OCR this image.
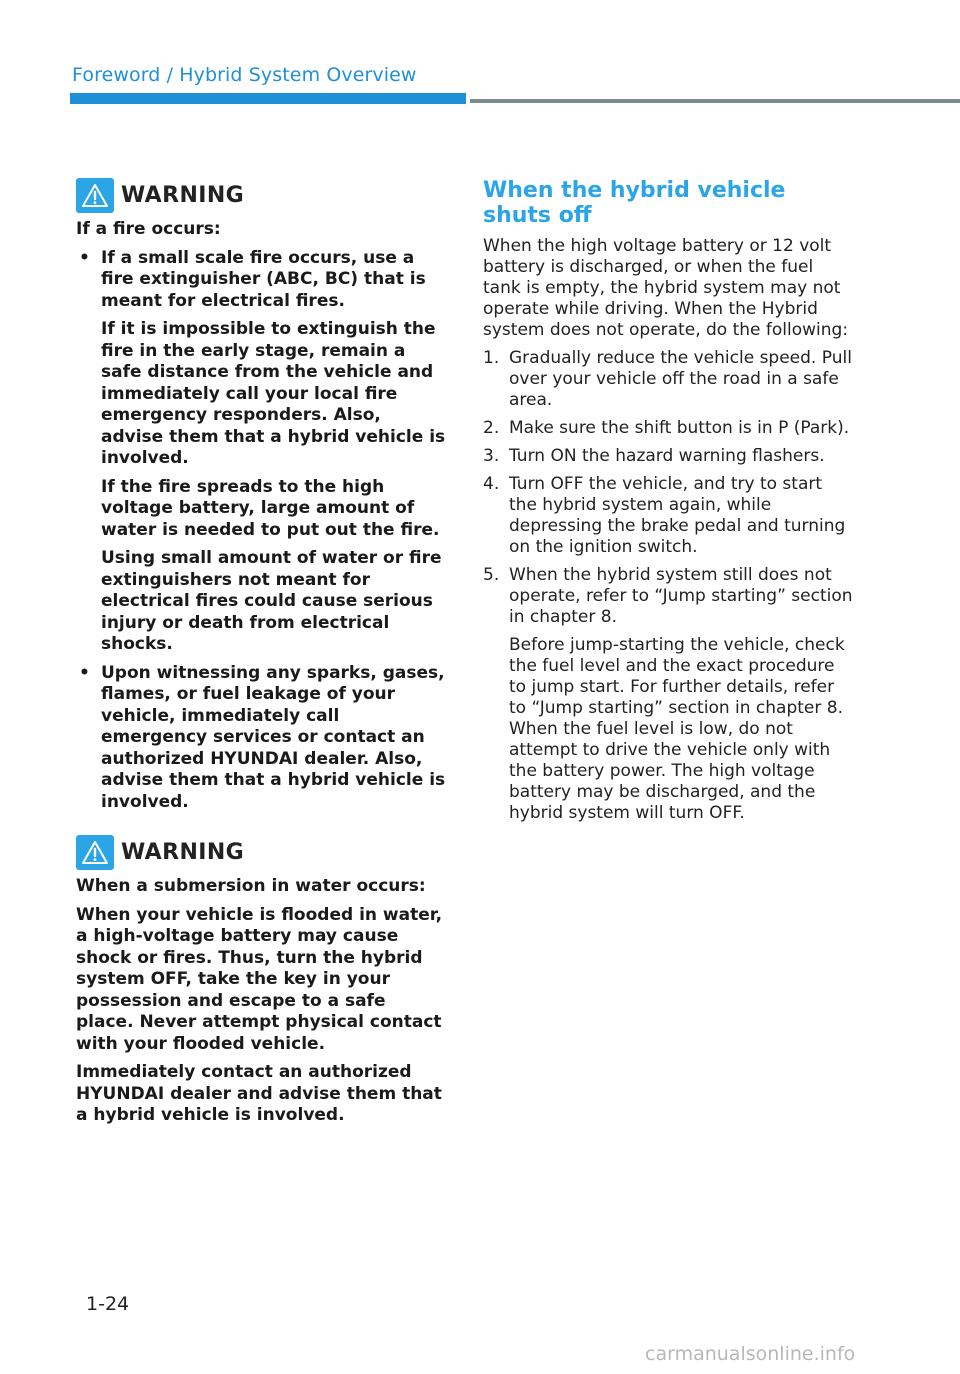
Foreword / Hybrid System Overview
WARNING

If a fire occurs:

• If a small scale fire occurs, use a fire extinguisher (ABC, BC) that is meant for electrical fires.

If it is impossible to extinguish the fire in the early stage, remain a safe distance from the vehicle and immediately call your local fire emergency responders. Also, advise them that a hybrid vehicle is involved.

If the fire spreads to the high voltage battery, large amount of water is needed to put out the fire.

Using small amount of water or fire extinguishers not meant for electrical fires could cause serious injury or death from electrical shocks.

• Upon witnessing any sparks, gases, flames, or fuel leakage of your vehicle, immediately call emergency services or contact an authorized HYUNDAI dealer. Also, advise them that a hybrid vehicle is involved.

WARNING

When a submersion in water occurs:

When your vehicle is flooded in water, a high-voltage battery may cause shock or fires. Thus, turn the hybrid system OFF, take the key in your possession and escape to a safe place. Never attempt physical contact with your flooded vehicle.

Immediately contact an authorized HYUNDAI dealer and advise them that a hybrid vehicle is involved.

When the hybrid vehicle shuts off

When the high voltage battery or 12 volt battery is discharged, or when the fuel tank is empty, the hybrid system may not operate while driving. When the Hybrid system does not operate, do the following:

1. Gradually reduce the vehicle speed. Pull over your vehicle off the road in a safe area.

2. Make sure the shift button is in P (Park).

3. Turn ON the hazard warning flashers.

4. Turn OFF the vehicle, and try to start the hybrid system again, while depressing the brake pedal and turning on the ignition switch.

5. When the hybrid system still does not operate, refer to “Jump starting” section in chapter 8.

Before jump-starting the vehicle, check the fuel level and the exact procedure to jump start. For further details, refer to “Jump starting” section in chapter 8. When the fuel level is low, do not attempt to drive the vehicle only with the battery power. The high voltage battery may be discharged, and the hybrid system will turn OFF.

1-24
carmanualsonline.info
